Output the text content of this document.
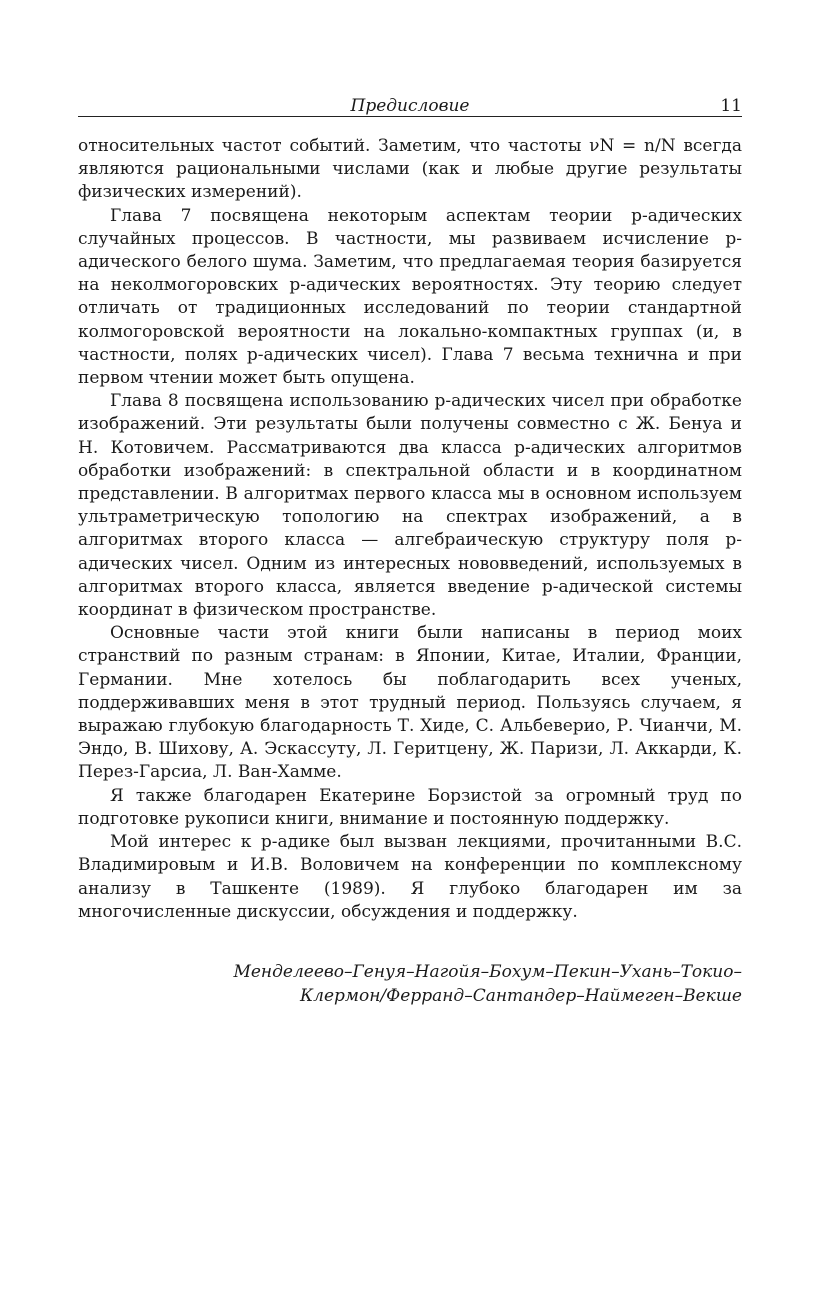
Предисловие	11

относительных частот событий. Заметим, что частоты νN = n/N всегда являются рациональными числами (как и любые другие результаты физических измерений).

Глава 7 посвящена некоторым аспектам теории p-адических случайных процессов. В частности, мы развиваем исчисление p-адического белого шума. Заметим, что предлагаемая теория базируется на неколмогоровских p-адических вероятностях. Эту теорию следует отличать от традиционных исследований по теории стандартной колмогоровской вероятности на локально-компактных группах (и, в частности, полях p-адических чисел). Глава 7 весьма технична и при первом чтении может быть опущена.

Глава 8 посвящена использованию p-адических чисел при обработке изображений. Эти результаты были получены совместно с Ж. Бенуа и Н. Котовичем. Рассматриваются два класса p-адических алгоритмов обработки изображений: в спектральной области и в координатном представлении. В алгоритмах первого класса мы в основном используем ультраметрическую топологию на спектрах изображений, а в алгоритмах второго класса — алгебраическую структуру поля p-адических чисел. Одним из интересных нововведений, используемых в алгоритмах второго класса, является введение p-адической системы координат в физическом пространстве.

Основные части этой книги были написаны в период моих странствий по разным странам: в Японии, Китае, Италии, Франции, Германии. Мне хотелось бы поблагодарить всех ученых, поддерживавших меня в этот трудный период. Пользуясь случаем, я выражаю глубокую благодарность Т. Хиде, С. Альбеверио, Р. Чианчи, М. Эндо, В. Шихову, А. Эскассуту, Л. Геритцену, Ж. Паризи, Л. Аккарди, К. Перез-Гарсиа, Л. Ван-Хамме.

Я также благодарен Екатерине Борзистой за огромный труд по подготовке рукописи книги, внимание и постоянную поддержку.

Мой интерес к p-адике был вызван лекциями, прочитанными В.С. Владимировым и И.В. Воловичем на конференции по комплексному анализу в Ташкенте (1989). Я глубоко благодарен им за многочисленные дискуссии, обсуждения и поддержку.

Менделеево–Генуя–Нагойя–Бохум–Пекин–Ухань–Токио–
Клермон/Ферранд–Сантандер–Наймеген–Векше
